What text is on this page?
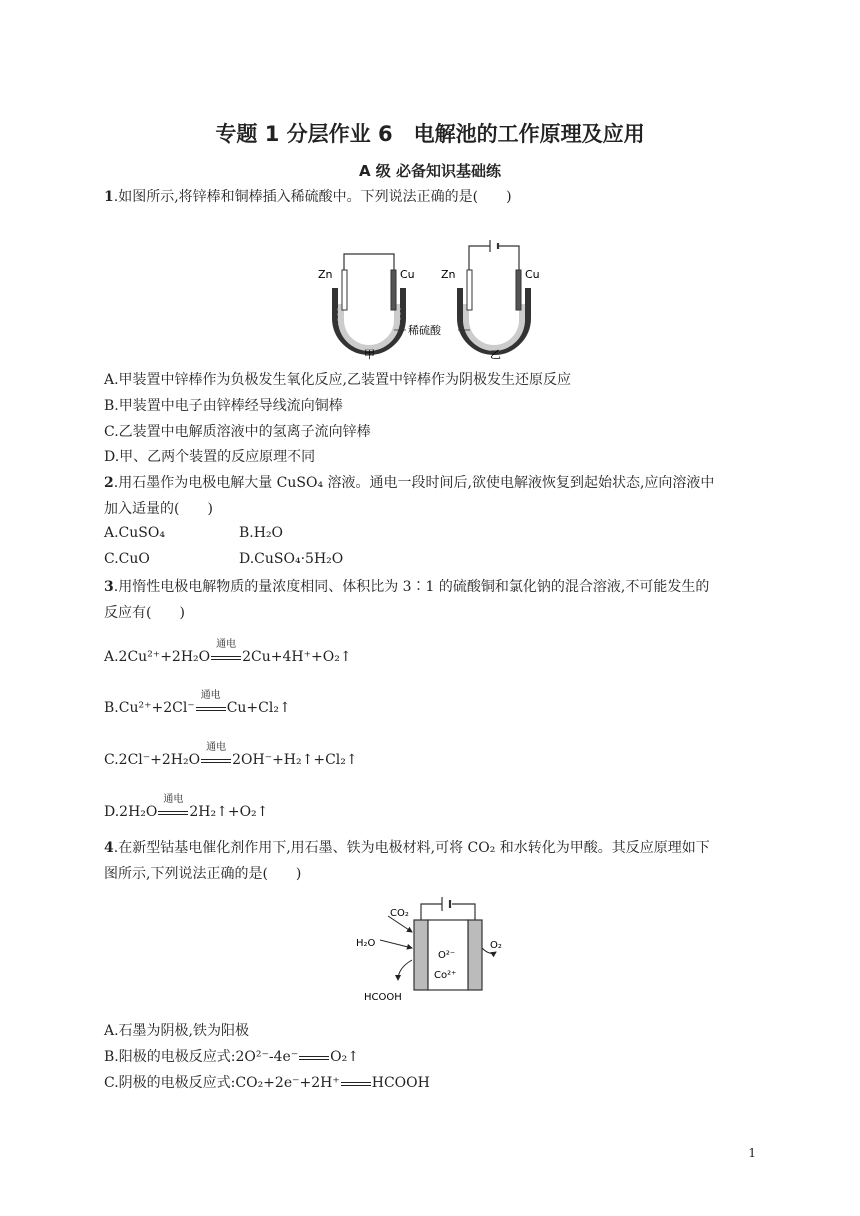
专题 1 分层作业 6　电解池的工作原理及应用
A 级 必备知识基础练
1.如图所示,将锌棒和铜棒插入稀硫酸中。下列说法正确的是(　　)
Zn	Cu
甲
Zn	Cu
乙
稀硫酸
A.甲装置中锌棒作为负极发生氧化反应,乙装置中锌棒作为阴极发生还原反应
B.甲装置中电子由锌棒经导线流向铜棒
C.乙装置中电解质溶液中的氢离子流向锌棒
D.甲、乙两个装置的反应原理不同
2.用石墨作为电极电解大量 CuSO₄ 溶液。通电一段时间后,欲使电解液恢复到起始状态,应向溶液中
加入适量的(　　)
A.CuSO₄	B.H₂O
C.CuO	D.CuSO₄·5H₂O
3.用惰性电极电解物质的量浓度相同、体积比为 3∶1 的硫酸铜和氯化钠的混合溶液,不可能发生的
反应有(　　)
A.2Cu²⁺+2H₂O
通电
2Cu+4H⁺+O₂↑
B.Cu²⁺+2Cl⁻
通电
Cu+Cl₂↑
C.2Cl⁻+2H₂O
通电
2OH⁻+H₂↑+Cl₂↑
D.2H₂O
通电
2H₂↑+O₂↑
4.在新型钴基电催化剂作用下,用石墨、铁为电极材料,可将 CO₂ 和水转化为甲酸。其反应原理如下
图所示,下列说法正确的是(　　)
CO₂
H₂O
HCOOH
O₂
O²⁻
Co²⁺
A.石墨为阴极,铁为阳极
B.阳极的电极反应式:2O²⁻-4e⁻ O₂↑
C.阴极的电极反应式:CO₂+2e⁻+2H⁺ HCOOH
1
